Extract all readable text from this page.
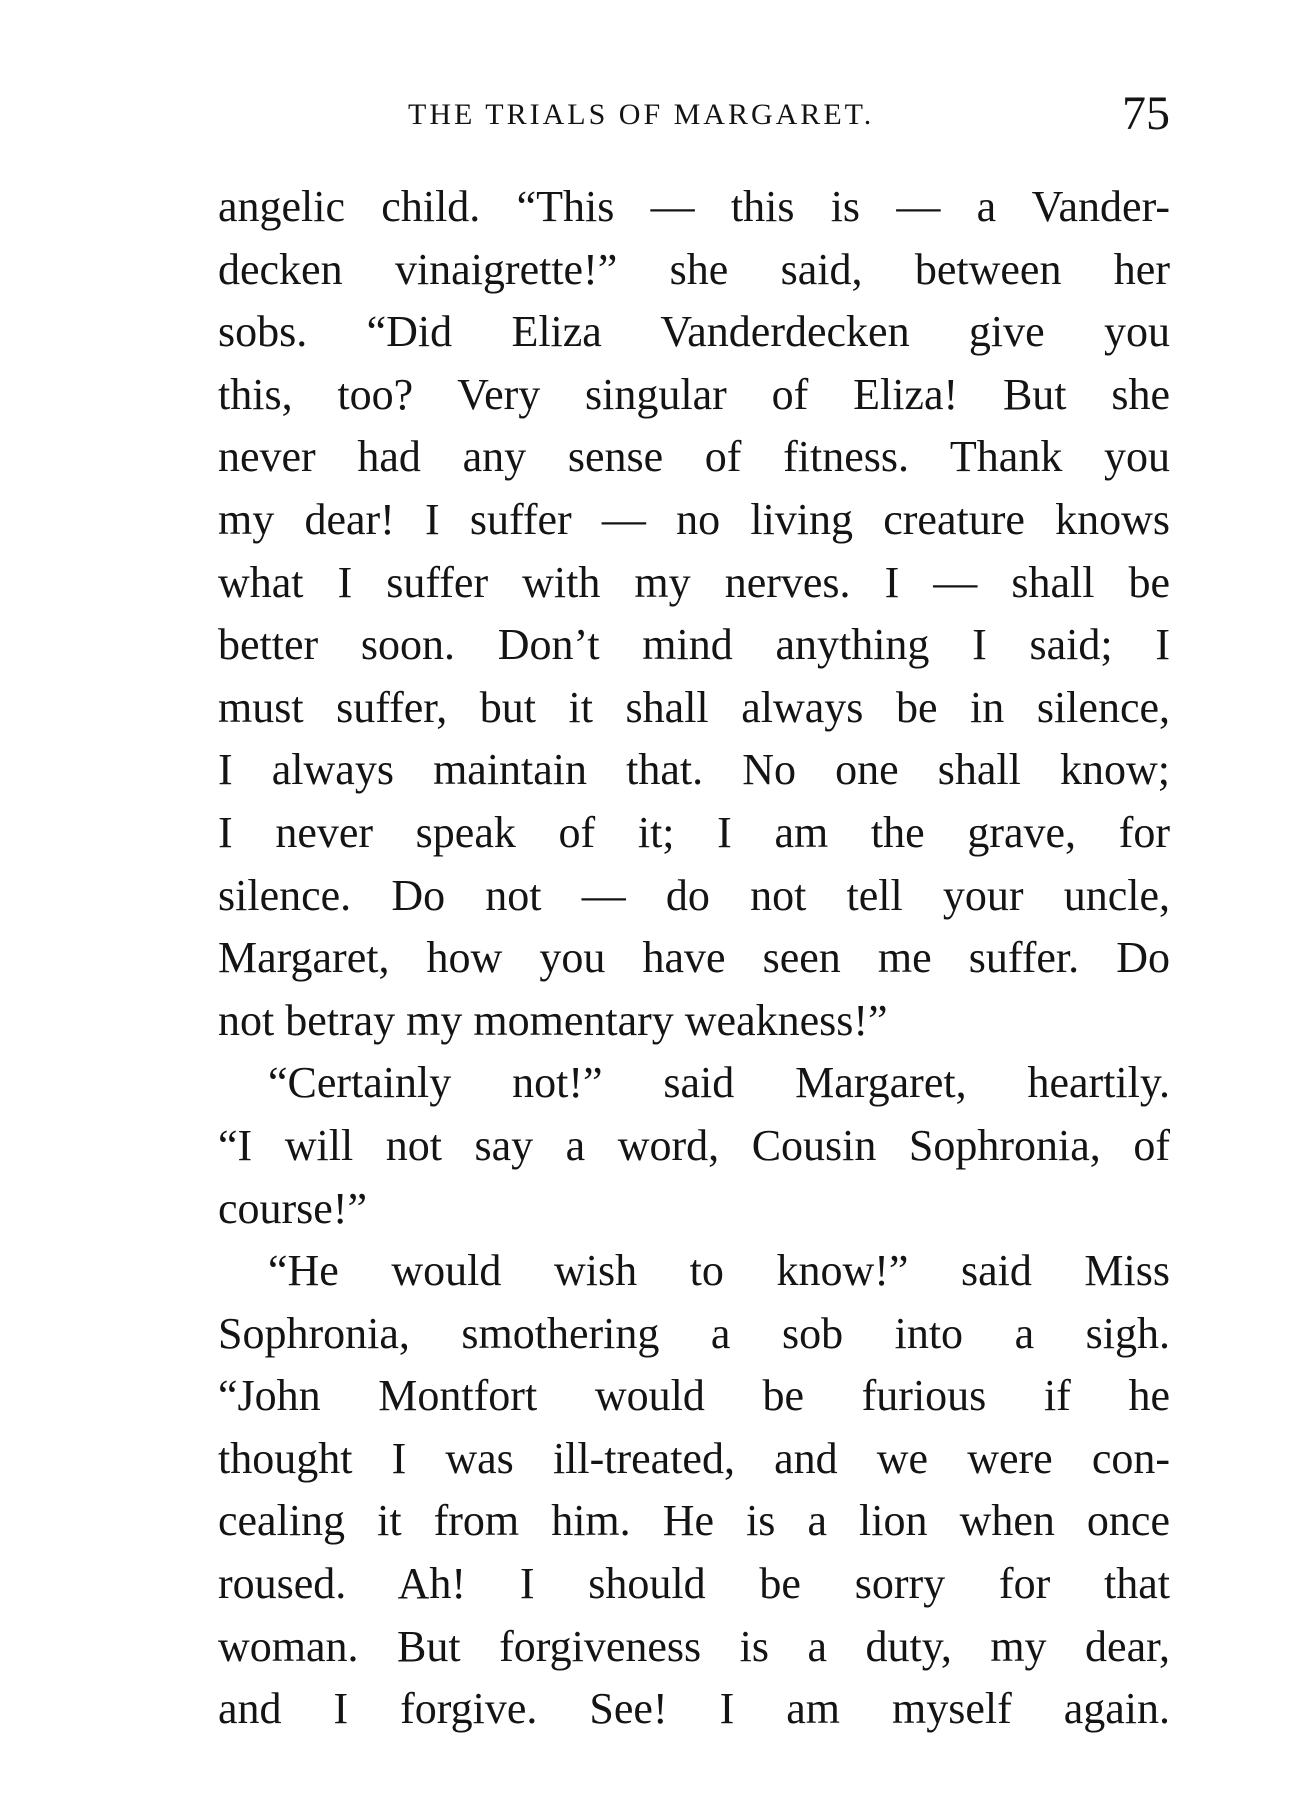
THE TRIALS OF MARGARET.	75
angelic child. “This — this is — a Vander-
decken vinaigrette!” she said, between her
sobs. “Did Eliza Vanderdecken give you
this, too? Very singular of Eliza! But she
never had any sense of fitness. Thank you
my dear! I suffer — no living creature knows
what I suffer with my nerves. I — shall be
better soon. Don’t mind anything I said; I
must suffer, but it shall always be in silence,
I always maintain that. No one shall know;
I never speak of it; I am the grave, for
silence. Do not — do not tell your uncle,
Margaret, how you have seen me suffer. Do
not betray my momentary weakness!”
“Certainly not!” said Margaret, heartily.
“I will not say a word, Cousin Sophronia, of
course!”
“He would wish to know!” said Miss
Sophronia, smothering a sob into a sigh.
“John Montfort would be furious if he
thought I was ill-treated, and we were con-
cealing it from him. He is a lion when once
roused. Ah! I should be sorry for that
woman. But forgiveness is a duty, my dear,
and I forgive. See! I am myself again.
